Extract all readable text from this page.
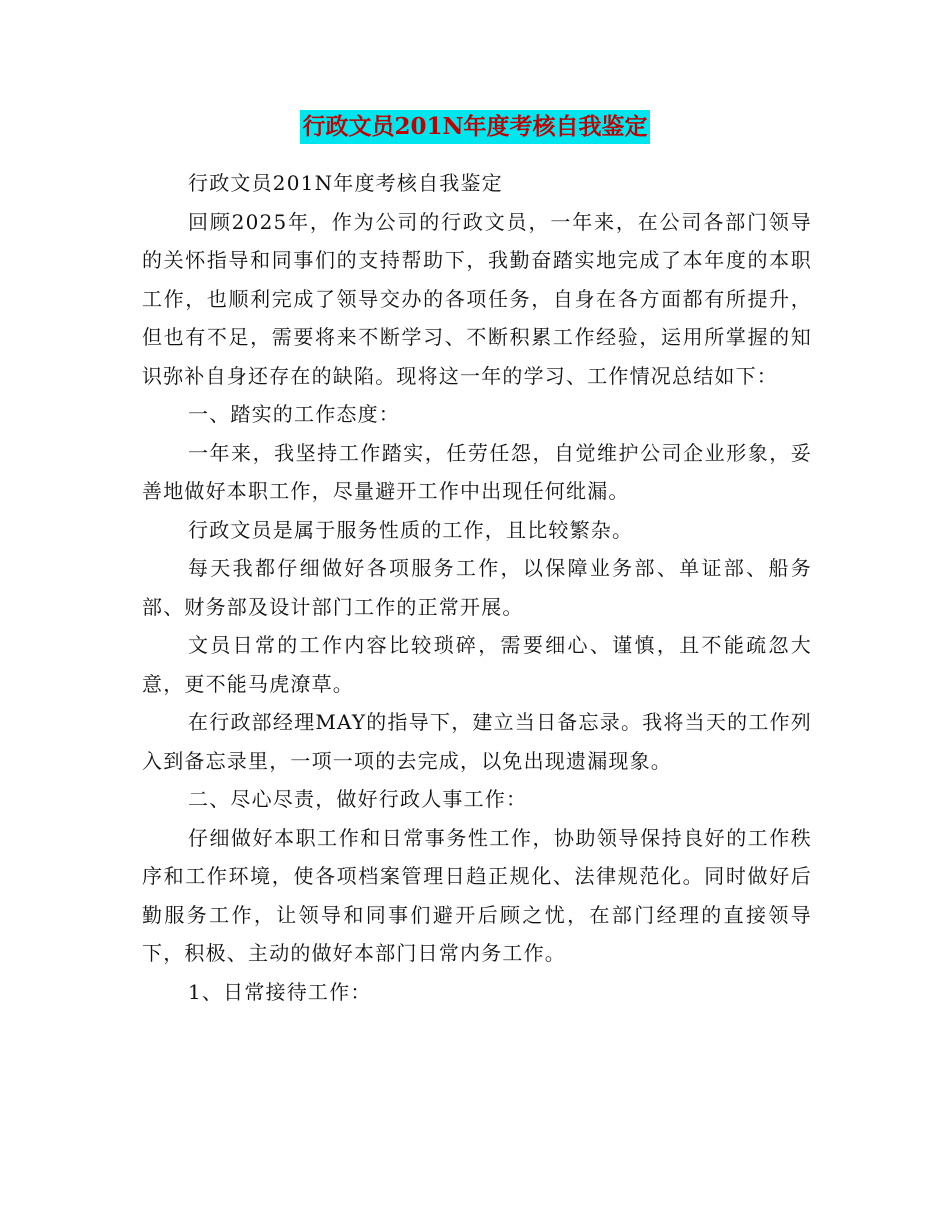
行政文员201N年度考核自我鉴定

行政文员201N年度考核自我鉴定

回顾2025年，作为公司的行政文员，一年来，在公司各部门领导的关怀指导和同事们的支持帮助下，我勤奋踏实地完成了本年度的本职工作，也顺利完成了领导交办的各项任务，自身在各方面都有所提升，但也有不足，需要将来不断学习、不断积累工作经验，运用所掌握的知识弥补自身还存在的缺陷。现将这一年的学习、工作情况总结如下：

一、踏实的工作态度：

一年来，我坚持工作踏实，任劳任怨，自觉维护公司企业形象，妥善地做好本职工作，尽量避开工作中出现任何纰漏。

行政文员是属于服务性质的工作，且比较繁杂。

每天我都仔细做好各项服务工作，以保障业务部、单证部、船务部、财务部及设计部门工作的正常开展。

文员日常的工作内容比较琐碎，需要细心、谨慎，且不能疏忽大意，更不能马虎潦草。

在行政部经理MAY的指导下，建立当日备忘录。我将当天的工作列入到备忘录里，一项一项的去完成，以免出现遗漏现象。

二、尽心尽责，做好行政人事工作：

仔细做好本职工作和日常事务性工作，协助领导保持良好的工作秩序和工作环境，使各项档案管理日趋正规化、法律规范化。同时做好后勤服务工作，让领导和同事们避开后顾之忧，在部门经理的直接领导下，积极、主动的做好本部门日常内务工作。

1、日常接待工作：
